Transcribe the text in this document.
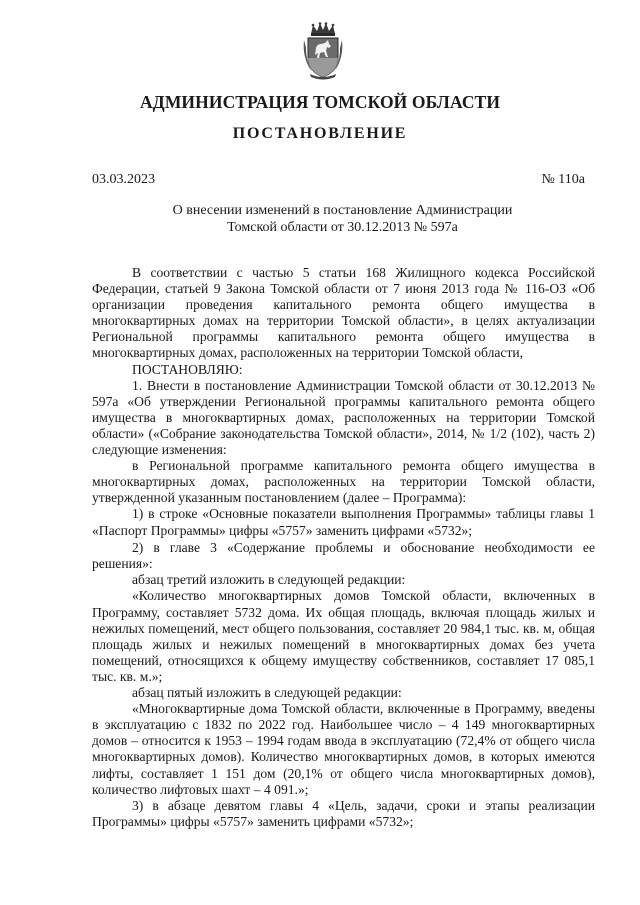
АДМИНИСТРАЦИЯ ТОМСКОЙ ОБЛАСТИ
ПОСТАНОВЛЕНИЕ
03.03.2023	№ 110а
О внесении изменений в постановление Администрации
Томской области от 30.12.2013 № 597а

В соответствии с частью 5 статьи 168 Жилищного кодекса Российской Федерации, статьей 9 Закона Томской области от 7 июня 2013 года № 116-ОЗ «Об организации проведения капитального ремонта общего имущества в многоквартирных домах на территории Томской области», в целях актуализации Региональной программы капитального ремонта общего имущества в многоквартирных домах, расположенных на территории Томской области,

ПОСТАНОВЛЯЮ:

1. Внести в постановление Администрации Томской области от 30.12.2013 № 597а «Об утверждении Региональной программы капитального ремонта общего имущества в многоквартирных домах, расположенных на территории Томской области» («Собрание законодательства Томской области», 2014, № 1/2 (102), часть 2) следующие изменения:

в Региональной программе капитального ремонта общего имущества в многоквартирных домах, расположенных на территории Томской области, утвержденной указанным постановлением (далее – Программа):

1) в строке «Основные показатели выполнения Программы» таблицы главы 1 «Паспорт Программы» цифры «5757» заменить цифрами «5732»;

2) в главе 3 «Содержание проблемы и обоснование необходимости ее решения»:

абзац третий изложить в следующей редакции:

«Количество многоквартирных домов Томской области, включенных в Программу, составляет 5732 дома. Их общая площадь, включая площадь жилых и нежилых помещений, мест общего пользования, составляет 20 984,1 тыс. кв. м, общая площадь жилых и нежилых помещений в многоквартирных домах без учета помещений, относящихся к общему имуществу собственников, составляет 17 085,1 тыс. кв. м.»;

абзац пятый изложить в следующей редакции:

«Многоквартирные дома Томской области, включенные в Программу, введены в эксплуатацию с 1832 по 2022 год. Наибольшее число – 4 149 многоквартирных домов – относится к 1953 – 1994 годам ввода в эксплуатацию (72,4% от общего числа многоквартирных домов). Количество многоквартирных домов, в которых имеются лифты, составляет 1 151 дом (20,1% от общего числа многоквартирных домов), количество лифтовых шахт – 4 091.»;

3) в абзаце девятом главы 4 «Цель, задачи, сроки и этапы реализации Программы» цифры «5757» заменить цифрами «5732»;
